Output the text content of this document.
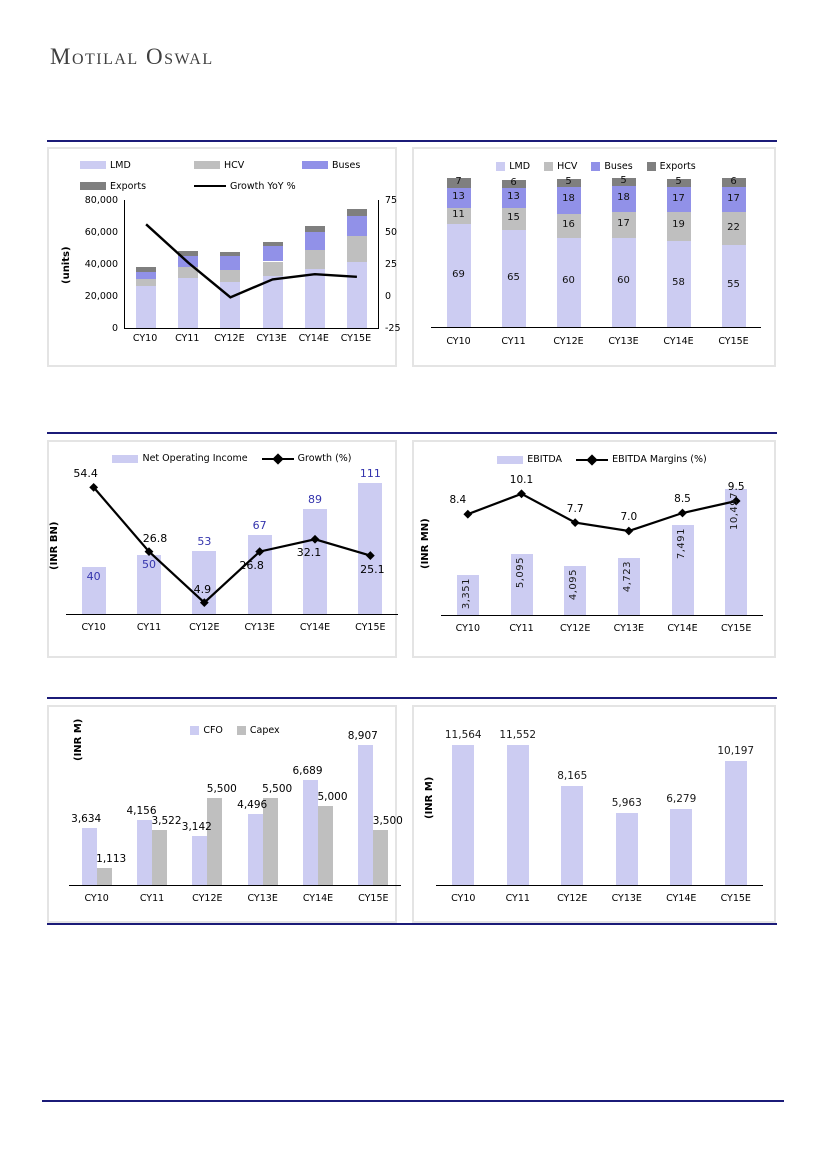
Motilal Oswal
LMD	HCV	Buses
Exports	Growth YoY %
(units)
CY10	CY11	CY12E	CY13E	CY14E	CY15E
80,000
60,000
40,000
20,000
0
75
50
25
0
-25
LMD	HCV	Buses	Exports
CY10	CY11	CY12E	CY13E	CY14E	CY15E
69
11
13
7
65
15
13
6
60
16
18
5
60
17
18
5
58
19
17
5
55
22
17
6
Net Operating Income	Growth (%)
(INR BN)
CY10	CY11	CY12E	CY13E	CY14E	CY15E
40
50
53
67
89
111
54.4
26.8
4.9
26.8
32.1
25.1
EBITDA	EBITDA Margins (%)
(INR MN)
CY10	CY11	CY12E	CY13E	CY14E	CY15E
3,351
5,095	4,095	4,723
7,491
10,497
8.4
10.1
7.7
7.0
8.5
9.5
CFO	Capex
(INR M)
CY10	CY11	CY12E	CY13E	CY14E	CY15E
3,634
4,156
3,142
4,496
6,689
8,907
1,113
3,522
5,500	5,500
5,000
3,500
(INR M)
CY10	CY11	CY12E	CY13E	CY14E	CY15E
11,564	11,552
8,165
5,963	6,279
10,197
